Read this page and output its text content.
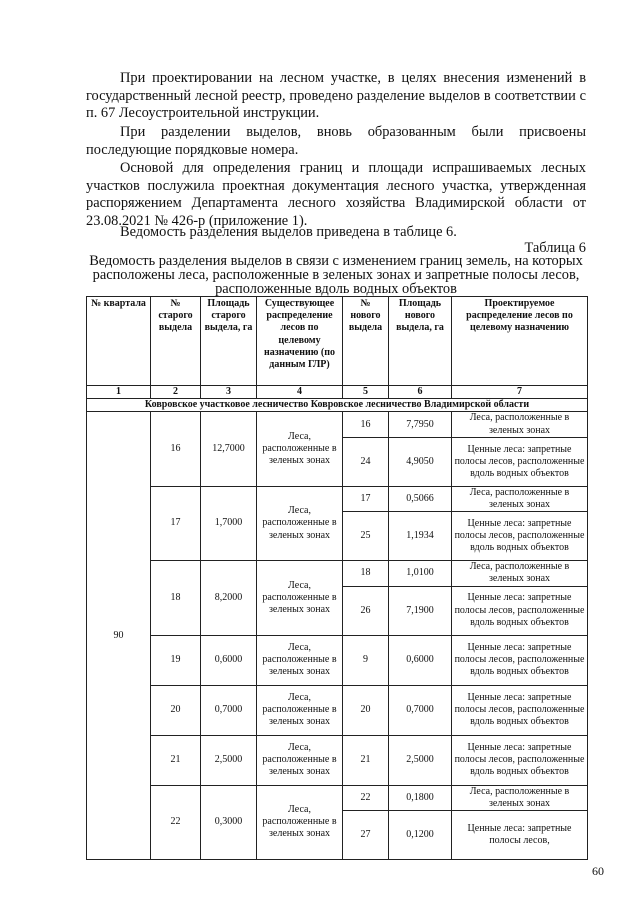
При проектировании на лесном участке, в целях внесения изменений в государственный лесной реестр, проведено разделение выделов в соответствии с п. 67 Лесоустроительной инструкции.

При разделении выделов, вновь образованным были присвоены последующие порядковые номера.

Основой для определения границ и площади испрашиваемых лесных участков послужила проектная документация лесного участка, утвержденная распоряжением Департамента лесного хозяйства Владимирской области от 23.08.2021 № 426-р (приложение 1).

Ведомость разделения выделов приведена в таблице 6.

Таблица 6

Ведомость разделения выделов в связи с изменением границ земель, на которых расположены леса, расположенные в зеленых зонах и запретные полосы лесов, расположенные вдоль водных объектов

№ квартала	№ старого выдела	Площадь старого выдела, га	Существующее распределение лесов по целевому назначению (по данным ГЛР)	№ нового выдела	Площадь нового выдела, га	Проектируемое распределение лесов по целевому назначению
1	2	3	4	5	6	7
Ковровское участковое лесничество Ковровское лесничество Владимирской области						
90	16	12,7000	Леса, расположенные в зеленых зонах	16	7,7950	Леса, расположенные в зеленых зонах
				24	4,9050	Ценные леса: запретные полосы лесов, расположенные вдоль водных объектов
	17	1,7000	Леса, расположенные в зеленых зонах	17	0,5066	Леса, расположенные в зеленых зонах
				25	1,1934	Ценные леса: запретные полосы лесов, расположенные вдоль водных объектов
	18	8,2000	Леса, расположенные в зеленых зонах	18	1,0100	Леса, расположенные в зеленых зонах
				26	7,1900	Ценные леса: запретные полосы лесов, расположенные вдоль водных объектов
	19	0,6000	Леса, расположенные в зеленых зонах	9	0,6000	Ценные леса: запретные полосы лесов, расположенные вдоль водных объектов
	20	0,7000	Леса, расположенные в зеленых зонах	20	0,7000	Ценные леса: запретные полосы лесов, расположенные вдоль водных объектов
	21	2,5000	Леса, расположенные в зеленых зонах	21	2,5000	Ценные леса: запретные полосы лесов, расположенные вдоль водных объектов
	22	0,3000	Леса, расположенные в зеленых зонах	22	0,1800	Леса, расположенные в зеленых зонах
				27	0,1200	Ценные леса: запретные полосы лесов,

60
